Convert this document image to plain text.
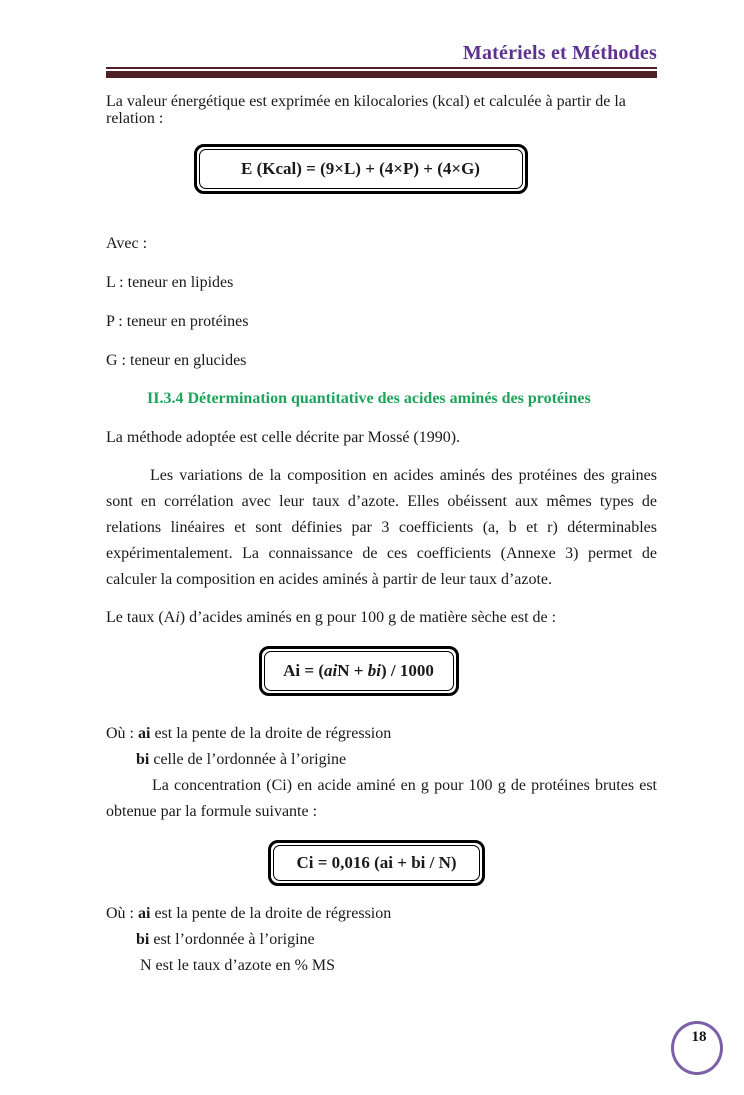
Matériels et Méthodes

La valeur énergétique est exprimée en kilocalories (kcal) et calculée à partir de la relation :

E (Kcal) = (9×L) + (4×P) + (4×G)

Avec :

L : teneur en lipides

P : teneur en protéines

G : teneur en glucides

II.3.4 Détermination quantitative des acides aminés des protéines

La méthode adoptée est celle décrite par Mossé (1990).

Les variations de la composition en acides aminés des protéines des graines sont en corrélation avec leur taux d’azote. Elles obéissent aux mêmes types de relations linéaires et sont définies par 3 coefficients (a, b et r) déterminables expérimentalement. La connaissance de ces coefficients (Annexe 3) permet de calculer la composition en acides aminés à partir de leur taux d’azote.

Le taux (Ai) d’acides aminés en g pour 100 g de matière sèche est de :

Ai = (aiN + bi) / 1000

Où : ai est la pente de la droite de régression

bi celle de l’ordonnée à l’origine

La concentration (Ci) en acide aminé en g pour 100 g de protéines brutes est obtenue par la formule suivante :

Ci = 0,016 (ai + bi / N)

Où : ai est la pente de la droite de régression

bi est l’ordonnée à l’origine

N est le taux d’azote en % MS

18
